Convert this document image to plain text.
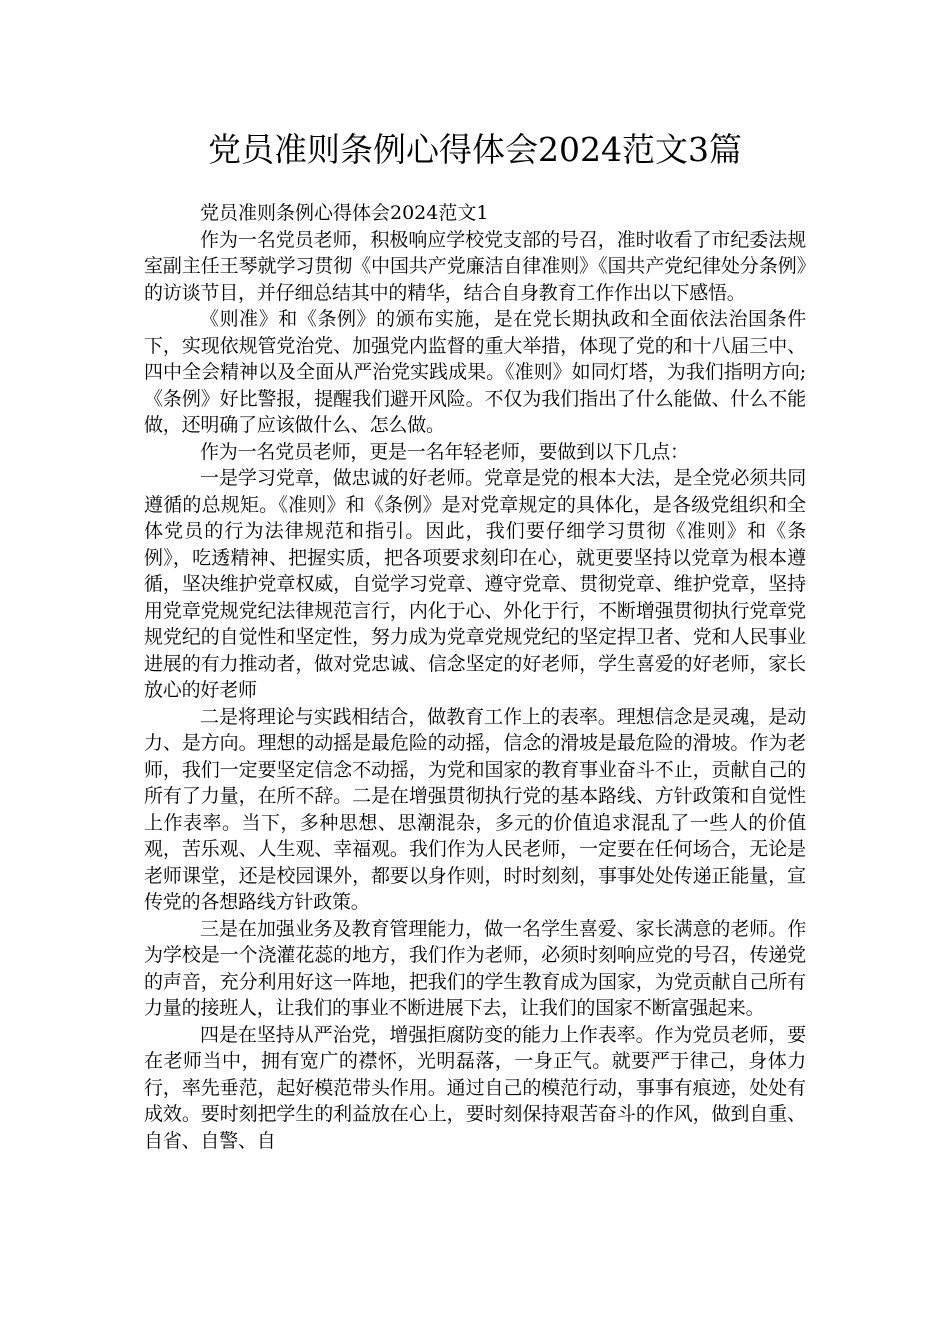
党员准则条例心得体会2024范文3篇

党员准则条例心得体会2024范文1

作为一名党员老师，积极响应学校党支部的号召，准时收看了市纪委法规室副主任王琴就学习贯彻《中国共产党廉洁自律准则》《国共产党纪律处分条例》的访谈节目，并仔细总结其中的精华，结合自身教育工作作出以下感悟。

《则准》和《条例》的颁布实施，是在党长期执政和全面依法治国条件下，实现依规管党治党、加强党内监督的重大举措，体现了党的和十八届三中、四中全会精神以及全面从严治党实践成果。《准则》如同灯塔，为我们指明方向;《条例》好比警报，提醒我们避开风险。不仅为我们指出了什么能做、什么不能做，还明确了应该做什么、怎么做。

作为一名党员老师，更是一名年轻老师，要做到以下几点：

一是学习党章，做忠诚的好老师。党章是党的根本大法，是全党必须共同遵循的总规矩。《准则》和《条例》是对党章规定的具体化，是各级党组织和全体党员的行为法律规范和指引。因此，我们要仔细学习贯彻《准则》和《条例》，吃透精神、把握实质，把各项要求刻印在心，就更要坚持以党章为根本遵循，坚决维护党章权威，自觉学习党章、遵守党章、贯彻党章、维护党章，坚持用党章党规党纪法律规范言行，内化于心、外化于行，不断增强贯彻执行党章党规党纪的自觉性和坚定性，努力成为党章党规党纪的坚定捍卫者、党和人民事业进展的有力推动者，做对党忠诚、信念坚定的好老师，学生喜爱的好老师，家长放心的好老师

二是将理论与实践相结合，做教育工作上的表率。理想信念是灵魂，是动力、是方向。理想的动摇是最危险的动摇，信念的滑坡是最危险的滑坡。作为老师，我们一定要坚定信念不动摇，为党和国家的教育事业奋斗不止，贡献自己的所有了力量，在所不辞。二是在增强贯彻执行党的基本路线、方针政策和自觉性上作表率。当下，多种思想、思潮混杂，多元的价值追求混乱了一些人的价值观，苦乐观、人生观、幸福观。我们作为人民老师，一定要在任何场合，无论是老师课堂，还是校园课外，都要以身作则，时时刻刻，事事处处传递正能量，宣传党的各想路线方针政策。

三是在加强业务及教育管理能力，做一名学生喜爱、家长满意的老师。作为学校是一个浇灌花蕊的地方，我们作为老师，必须时刻响应党的号召，传递党的声音，充分利用好这一阵地，把我们的学生教育成为国家，为党贡献自己所有力量的接班人，让我们的事业不断进展下去，让我们的国家不断富强起来。

四是在坚持从严治党，增强拒腐防变的能力上作表率。作为党员老师，要在老师当中，拥有宽广的襟怀，光明磊落，一身正气。就要严于律己，身体力行，率先垂范，起好模范带头作用。通过自己的模范行动，事事有痕迹，处处有成效。要时刻把学生的利益放在心上，要时刻保持艰苦奋斗的作风，做到自重、自省、自警、自
